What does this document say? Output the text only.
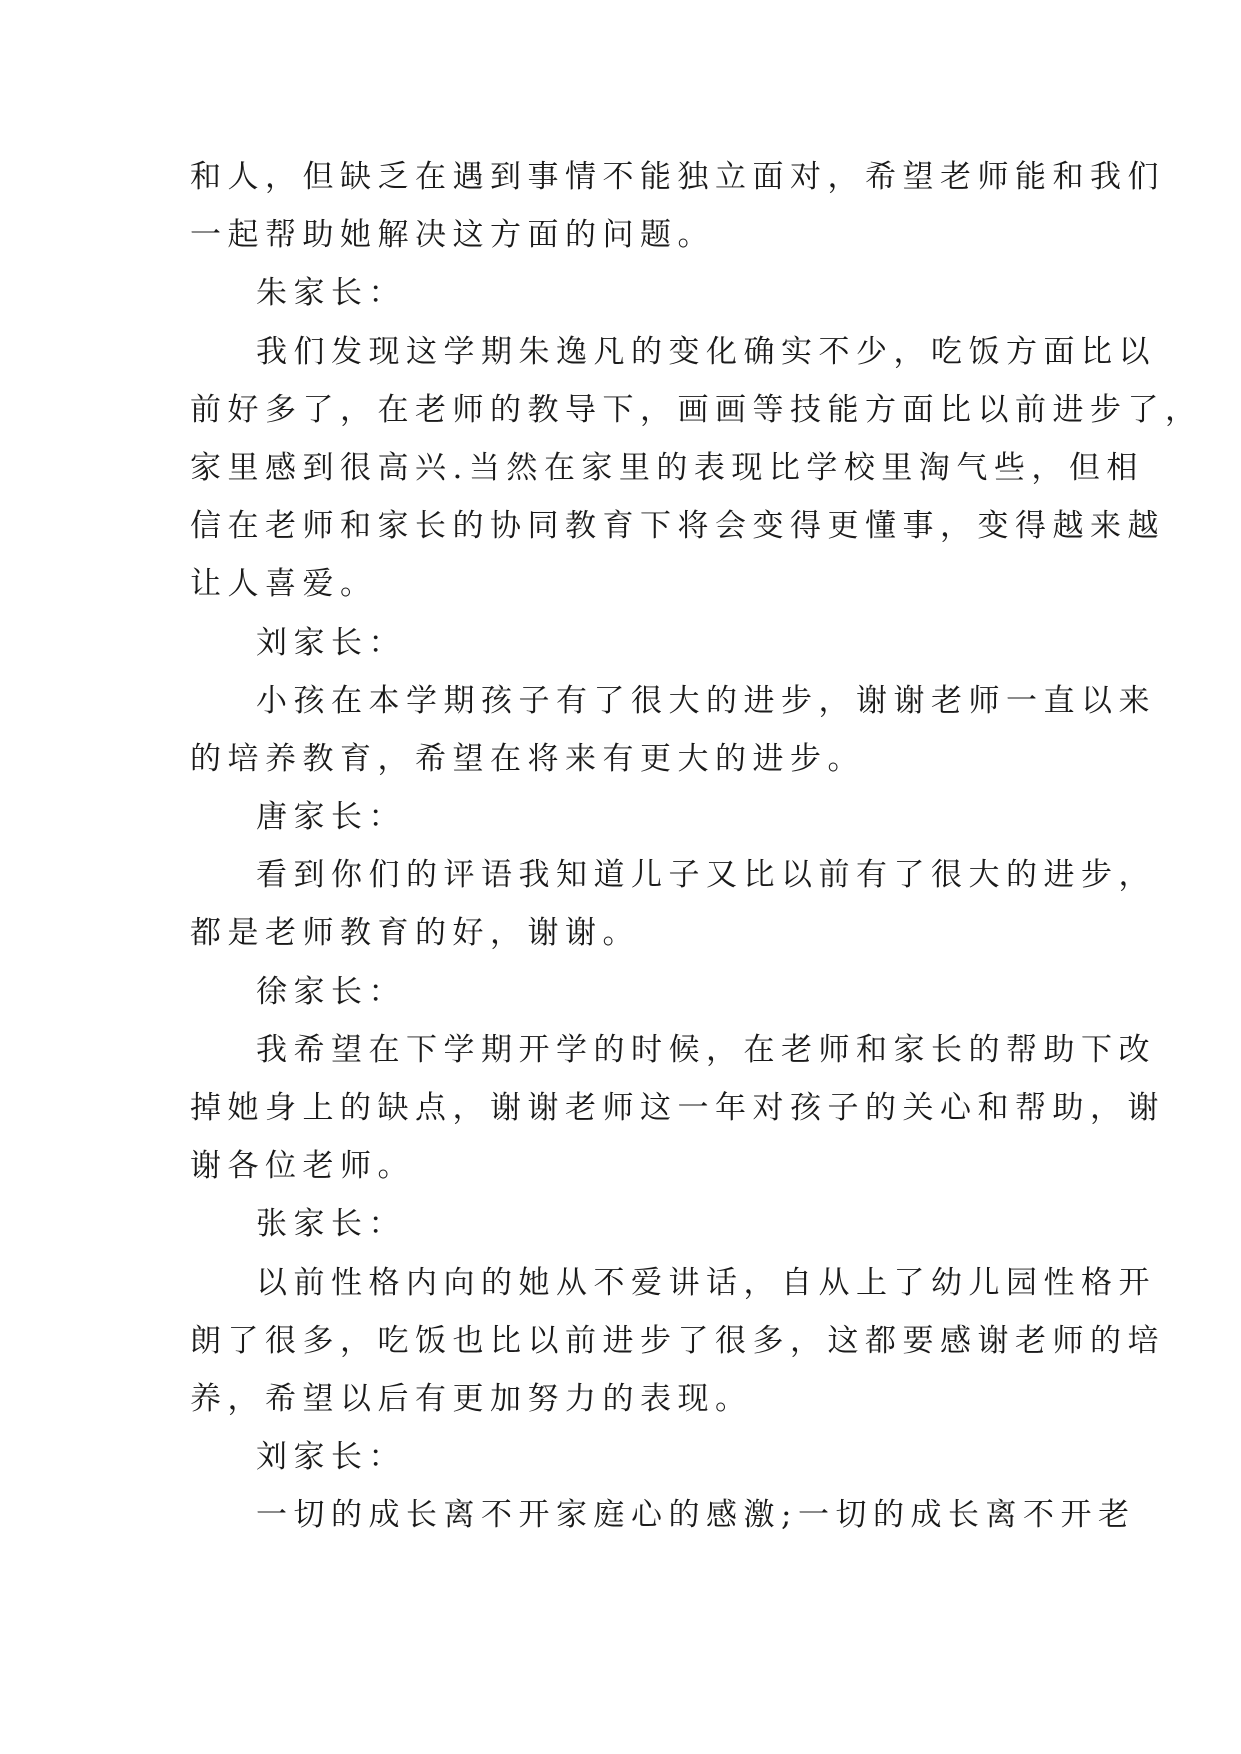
和人，但缺乏在遇到事情不能独立面对，希望老师能和我们
一起帮助她解决这方面的问题。
朱家长：
我们发现这学期朱逸凡的变化确实不少，吃饭方面比以
前好多了，在老师的教导下，画画等技能方面比以前进步了，
家里感到很高兴.当然在家里的表现比学校里淘气些，但相
信在老师和家长的协同教育下将会变得更懂事，变得越来越
让人喜爱。
刘家长：
小孩在本学期孩子有了很大的进步，谢谢老师一直以来
的培养教育，希望在将来有更大的进步。
唐家长：
看到你们的评语我知道儿子又比以前有了很大的进步，
都是老师教育的好，谢谢。
徐家长：
我希望在下学期开学的时候，在老师和家长的帮助下改
掉她身上的缺点，谢谢老师这一年对孩子的关心和帮助，谢
谢各位老师。
张家长：
以前性格内向的她从不爱讲话，自从上了幼儿园性格开
朗了很多，吃饭也比以前进步了很多，这都要感谢老师的培
养，希望以后有更加努力的表现。
刘家长：
一切的成长离不开家庭心的感激;一切的成长离不开老
